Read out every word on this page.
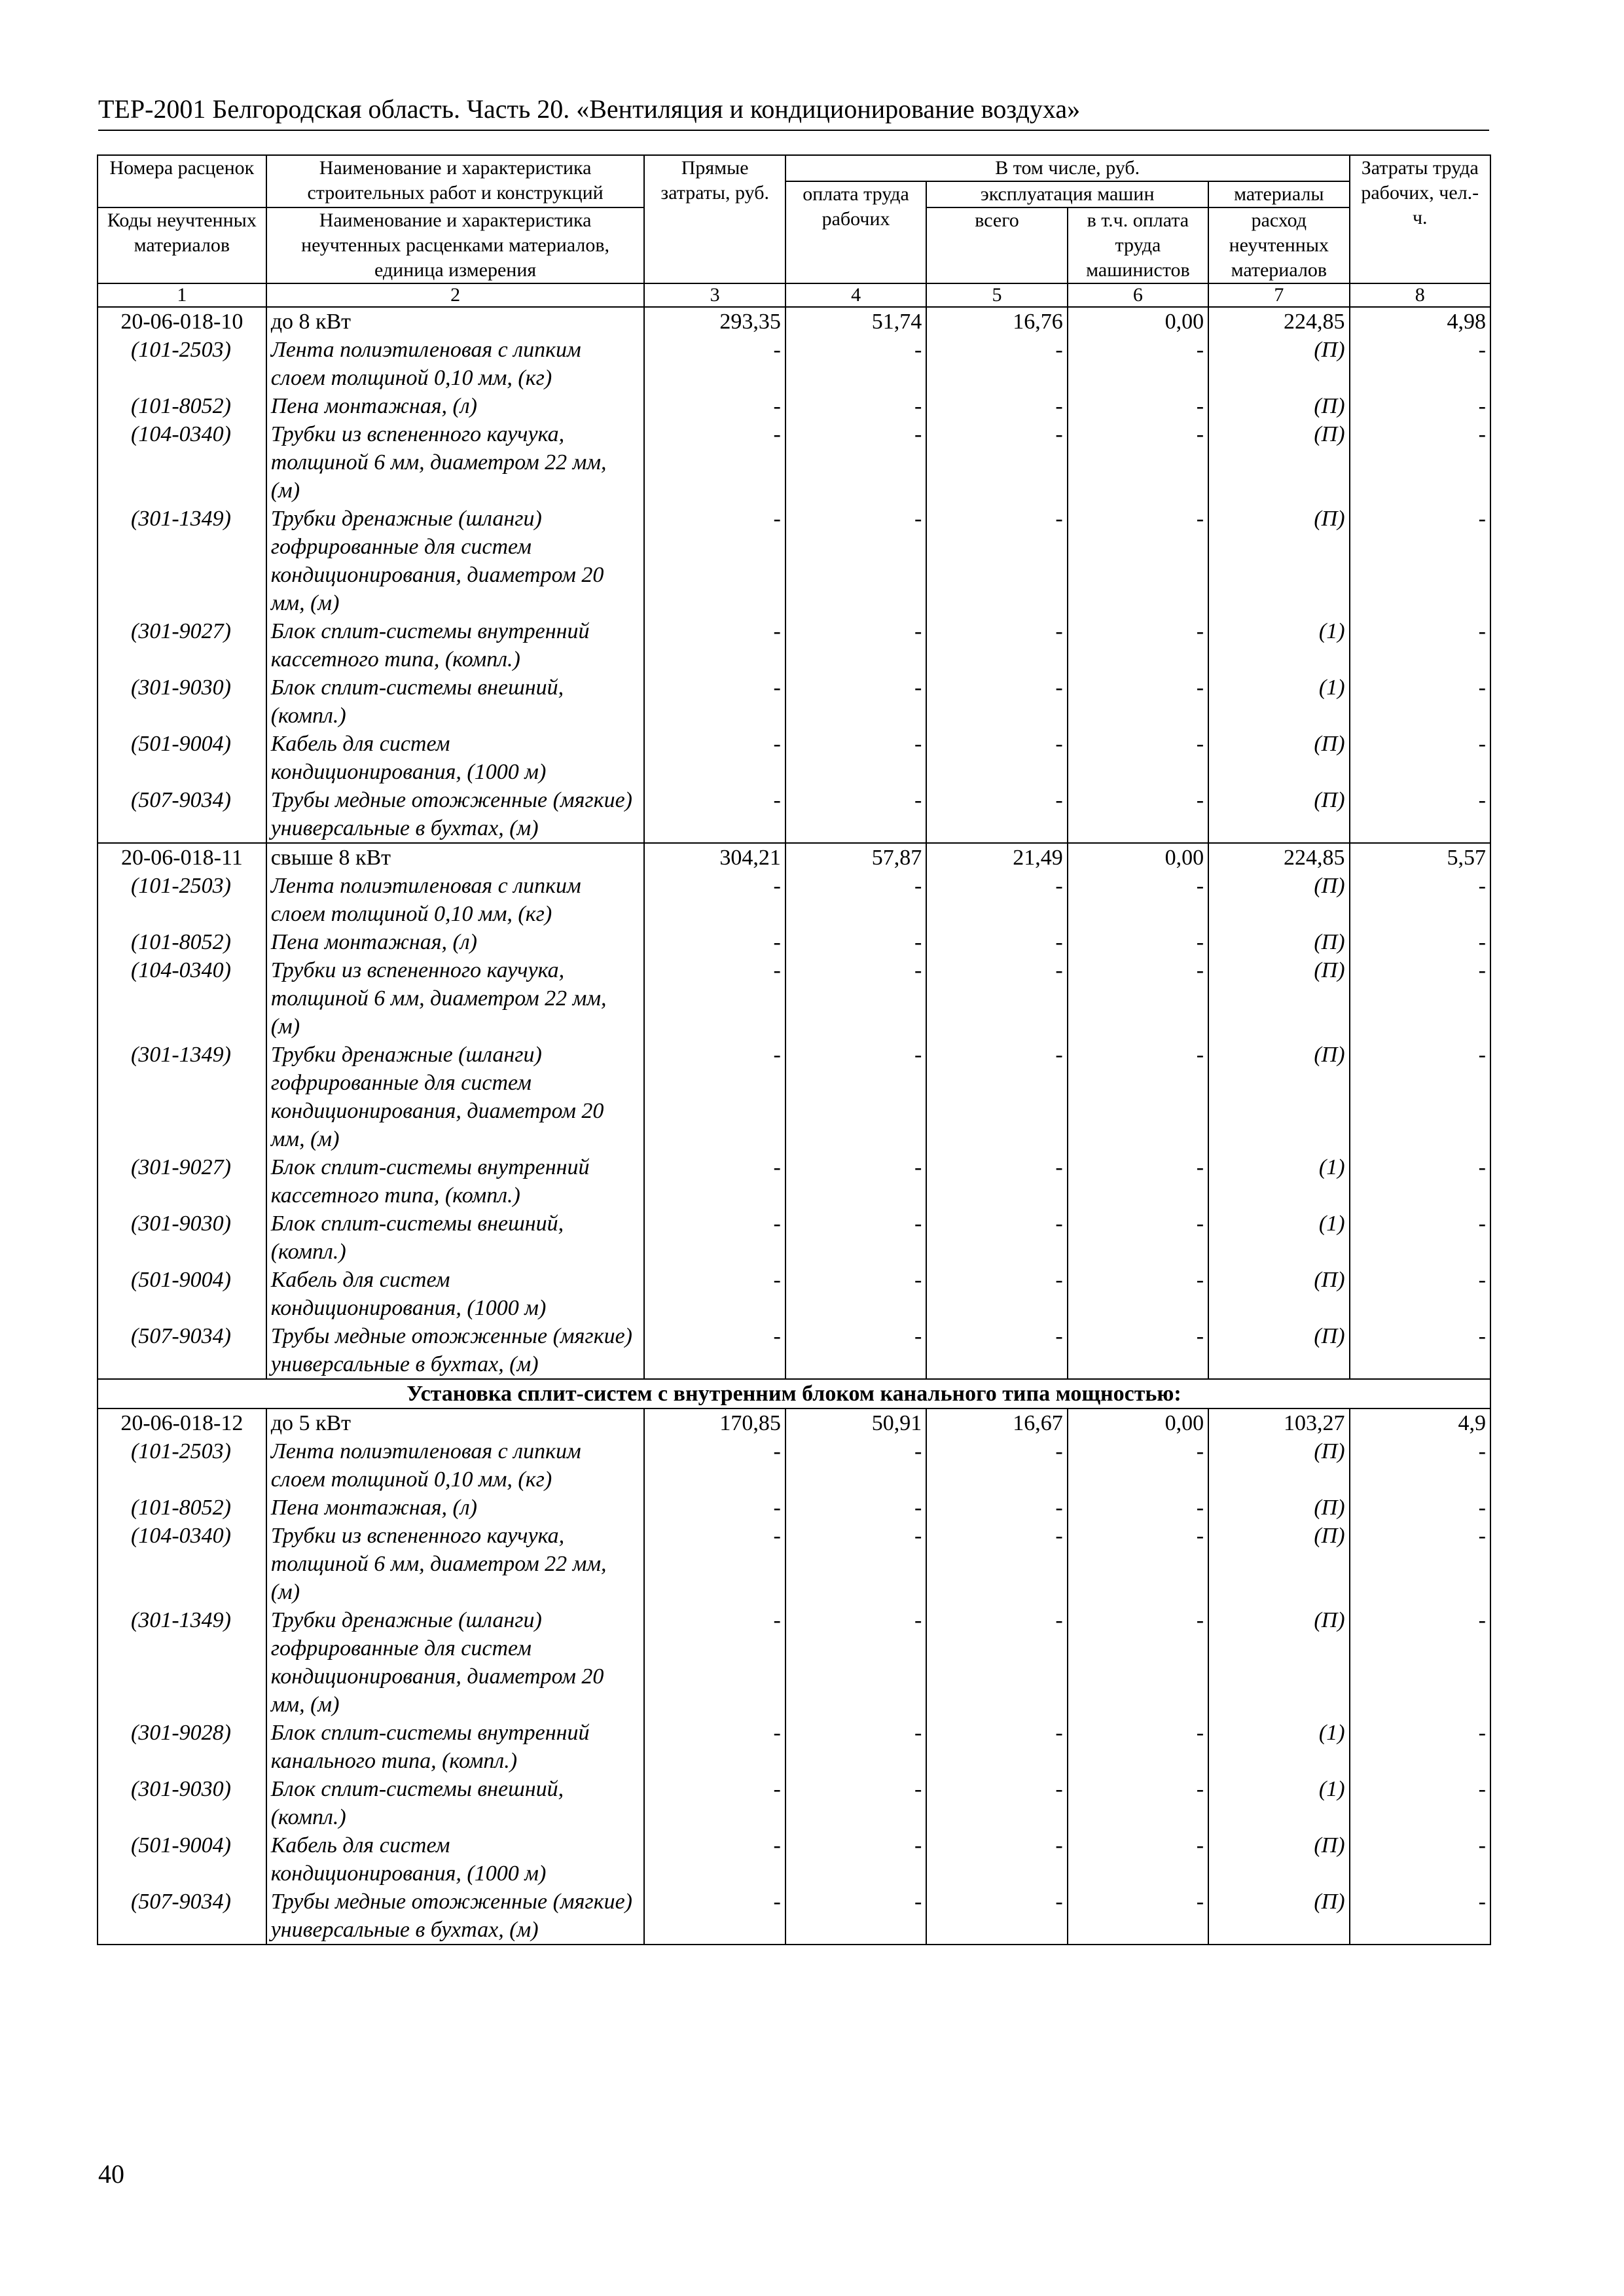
ТЕР-2001 Белгородская область. Часть 20. «Вентиляция и кондиционирование воздуха»
Номера расценок	Наименование и характеристика строительных работ и конструкций	Прямые затраты, руб.	В том числе, руб.				Затраты труда рабочих, чел.-ч.
			оплата труда рабочих	эксплуатация машин		материалы	
Коды неучтенных материалов	Наименование и характеристика неучтенных расценками материалов, единица измерения			всего	в т.ч. оплата труда машинистов	расход неучтенных материалов	

1	2	3	4	5	6	7	8
20-06-018-10	до 8 кВт	293,35	51,74	16,76	0,00	224,85	4,98
(101-2503)	Лента полиэтиленовая с липким слоем толщиной 0,10 мм, (кг)	-	-	-	-	(П)	-
(101-8052)	Пена монтажная, (л)	-	-	-	-	(П)	-
(104-0340)	Трубки из вспененного каучука, толщиной 6 мм, диаметром 22 мм, (м)	-	-	-	-	(П)	-
(301-1349)	Трубки дренажные (шланги) гофрированные для систем кондиционирования, диаметром 20 мм, (м)	-	-	-	-	(П)	-
(301-9027)	Блок сплит-системы внутренний кассетного типа, (компл.)	-	-	-	-	(1)	-
(301-9030)	Блок сплит-системы внешний, (компл.)	-	-	-	-	(1)	-
(501-9004)	Кабель для систем кондиционирования, (1000 м)	-	-	-	-	(П)	-
(507-9034)	Трубы медные отожженные (мягкие) универсальные в бухтах, (м)	-	-	-	-	(П)	-
20-06-018-11	свыше 8 кВт	304,21	57,87	21,49	0,00	224,85	5,57
(101-2503)	Лента полиэтиленовая с липким слоем толщиной 0,10 мм, (кг)	-	-	-	-	(П)	-
(101-8052)	Пена монтажная, (л)	-	-	-	-	(П)	-
(104-0340)	Трубки из вспененного каучука, толщиной 6 мм, диаметром 22 мм, (м)	-	-	-	-	(П)	-
(301-1349)	Трубки дренажные (шланги) гофрированные для систем кондиционирования, диаметром 20 мм, (м)	-	-	-	-	(П)	-
(301-9027)	Блок сплит-системы внутренний кассетного типа, (компл.)	-	-	-	-	(1)	-
(301-9030)	Блок сплит-системы внешний, (компл.)	-	-	-	-	(1)	-
(501-9004)	Кабель для систем кондиционирования, (1000 м)	-	-	-	-	(П)	-
(507-9034)	Трубы медные отожженные (мягкие) универсальные в бухтах, (м)	-	-	-	-	(П)	-
Установка сплит-систем с внутренним блоком канального типа мощностью:							
20-06-018-12	до 5 кВт	170,85	50,91	16,67	0,00	103,27	4,9
(101-2503)	Лента полиэтиленовая с липким слоем толщиной 0,10 мм, (кг)	-	-	-	-	(П)	-
(101-8052)	Пена монтажная, (л)	-	-	-	-	(П)	-
(104-0340)	Трубки из вспененного каучука, толщиной 6 мм, диаметром 22 мм, (м)	-	-	-	-	(П)	-
(301-1349)	Трубки дренажные (шланги) гофрированные для систем кондиционирования, диаметром 20 мм, (м)	-	-	-	-	(П)	-
(301-9028)	Блок сплит-системы внутренний канального типа, (компл.)	-	-	-	-	(1)	-
(301-9030)	Блок сплит-системы внешний, (компл.)	-	-	-	-	(1)	-
(501-9004)	Кабель для систем кондиционирования, (1000 м)	-	-	-	-	(П)	-
(507-9034)	Трубы медные отожженные (мягкие) универсальные в бухтах, (м)	-	-	-	-	(П)	-
40
